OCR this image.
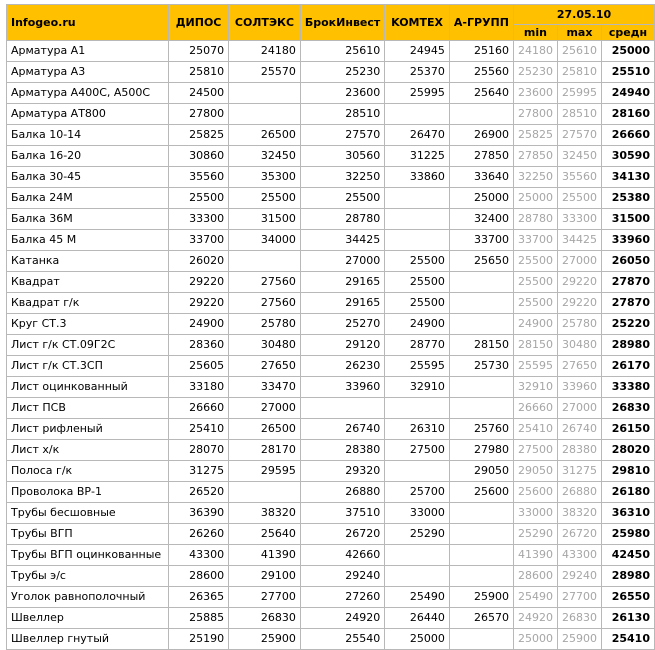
Infogeo.ru	ДИПОС	СОЛТЭКС	БрокИнвест	KOMTEX	А-ГРУПП	27.05.10		
						min	max	средн
Арматура А1	25070	24180	25610	24945	25160	24180	25610	25000
Арматура А3	25810	25570	25230	25370	25560	25230	25810	25510
Арматура А400С, А500С	24500		23600	25995	25640	23600	25995	24940
Арматура АТ800	27800		28510			27800	28510	28160
Балка 10-14	25825	26500	27570	26470	26900	25825	27570	26660
Балка 16-20	30860	32450	30560	31225	27850	27850	32450	30590
Балка 30-45	35560	35300	32250	33860	33640	32250	35560	34130
Балка 24М	25500	25500	25500		25000	25000	25500	25380
Балка 36М	33300	31500	28780		32400	28780	33300	31500
Балка 45 М	33700	34000	34425		33700	33700	34425	33960
Катанка	26020		27000	25500	25650	25500	27000	26050
Квадрат	29220	27560	29165	25500		25500	29220	27870
Квадрат г/к	29220	27560	29165	25500		25500	29220	27870
Круг СТ.3	24900	25780	25270	24900		24900	25780	25220
Лист г/к СТ.09Г2С	28360	30480	29120	28770	28150	28150	30480	28980
Лист г/к СТ.3СП	25605	27650	26230	25595	25730	25595	27650	26170
Лист оцинкованный	33180	33470	33960	32910		32910	33960	33380
Лист ПСВ	26660	27000				26660	27000	26830
Лист рифленый	25410	26500	26740	26310	25760	25410	26740	26150
Лист х/к	28070	28170	28380	27500	27980	27500	28380	28020
Полоса г/к	31275	29595	29320		29050	29050	31275	29810
Проволока ВР-1	26520		26880	25700	25600	25600	26880	26180
Трубы бесшовные	36390	38320	37510	33000		33000	38320	36310
Трубы ВГП	26260	25640	26720	25290		25290	26720	25980
Трубы ВГП оцинкованные	43300	41390	42660			41390	43300	42450
Трубы э/с	28600	29100	29240			28600	29240	28980
Уголок равнополочный	26365	27700	27260	25490	25900	25490	27700	26550
Швеллер	25885	26830	24920	26440	26570	24920	26830	26130
Швеллер гнутый	25190	25900	25540	25000		25000	25900	25410
